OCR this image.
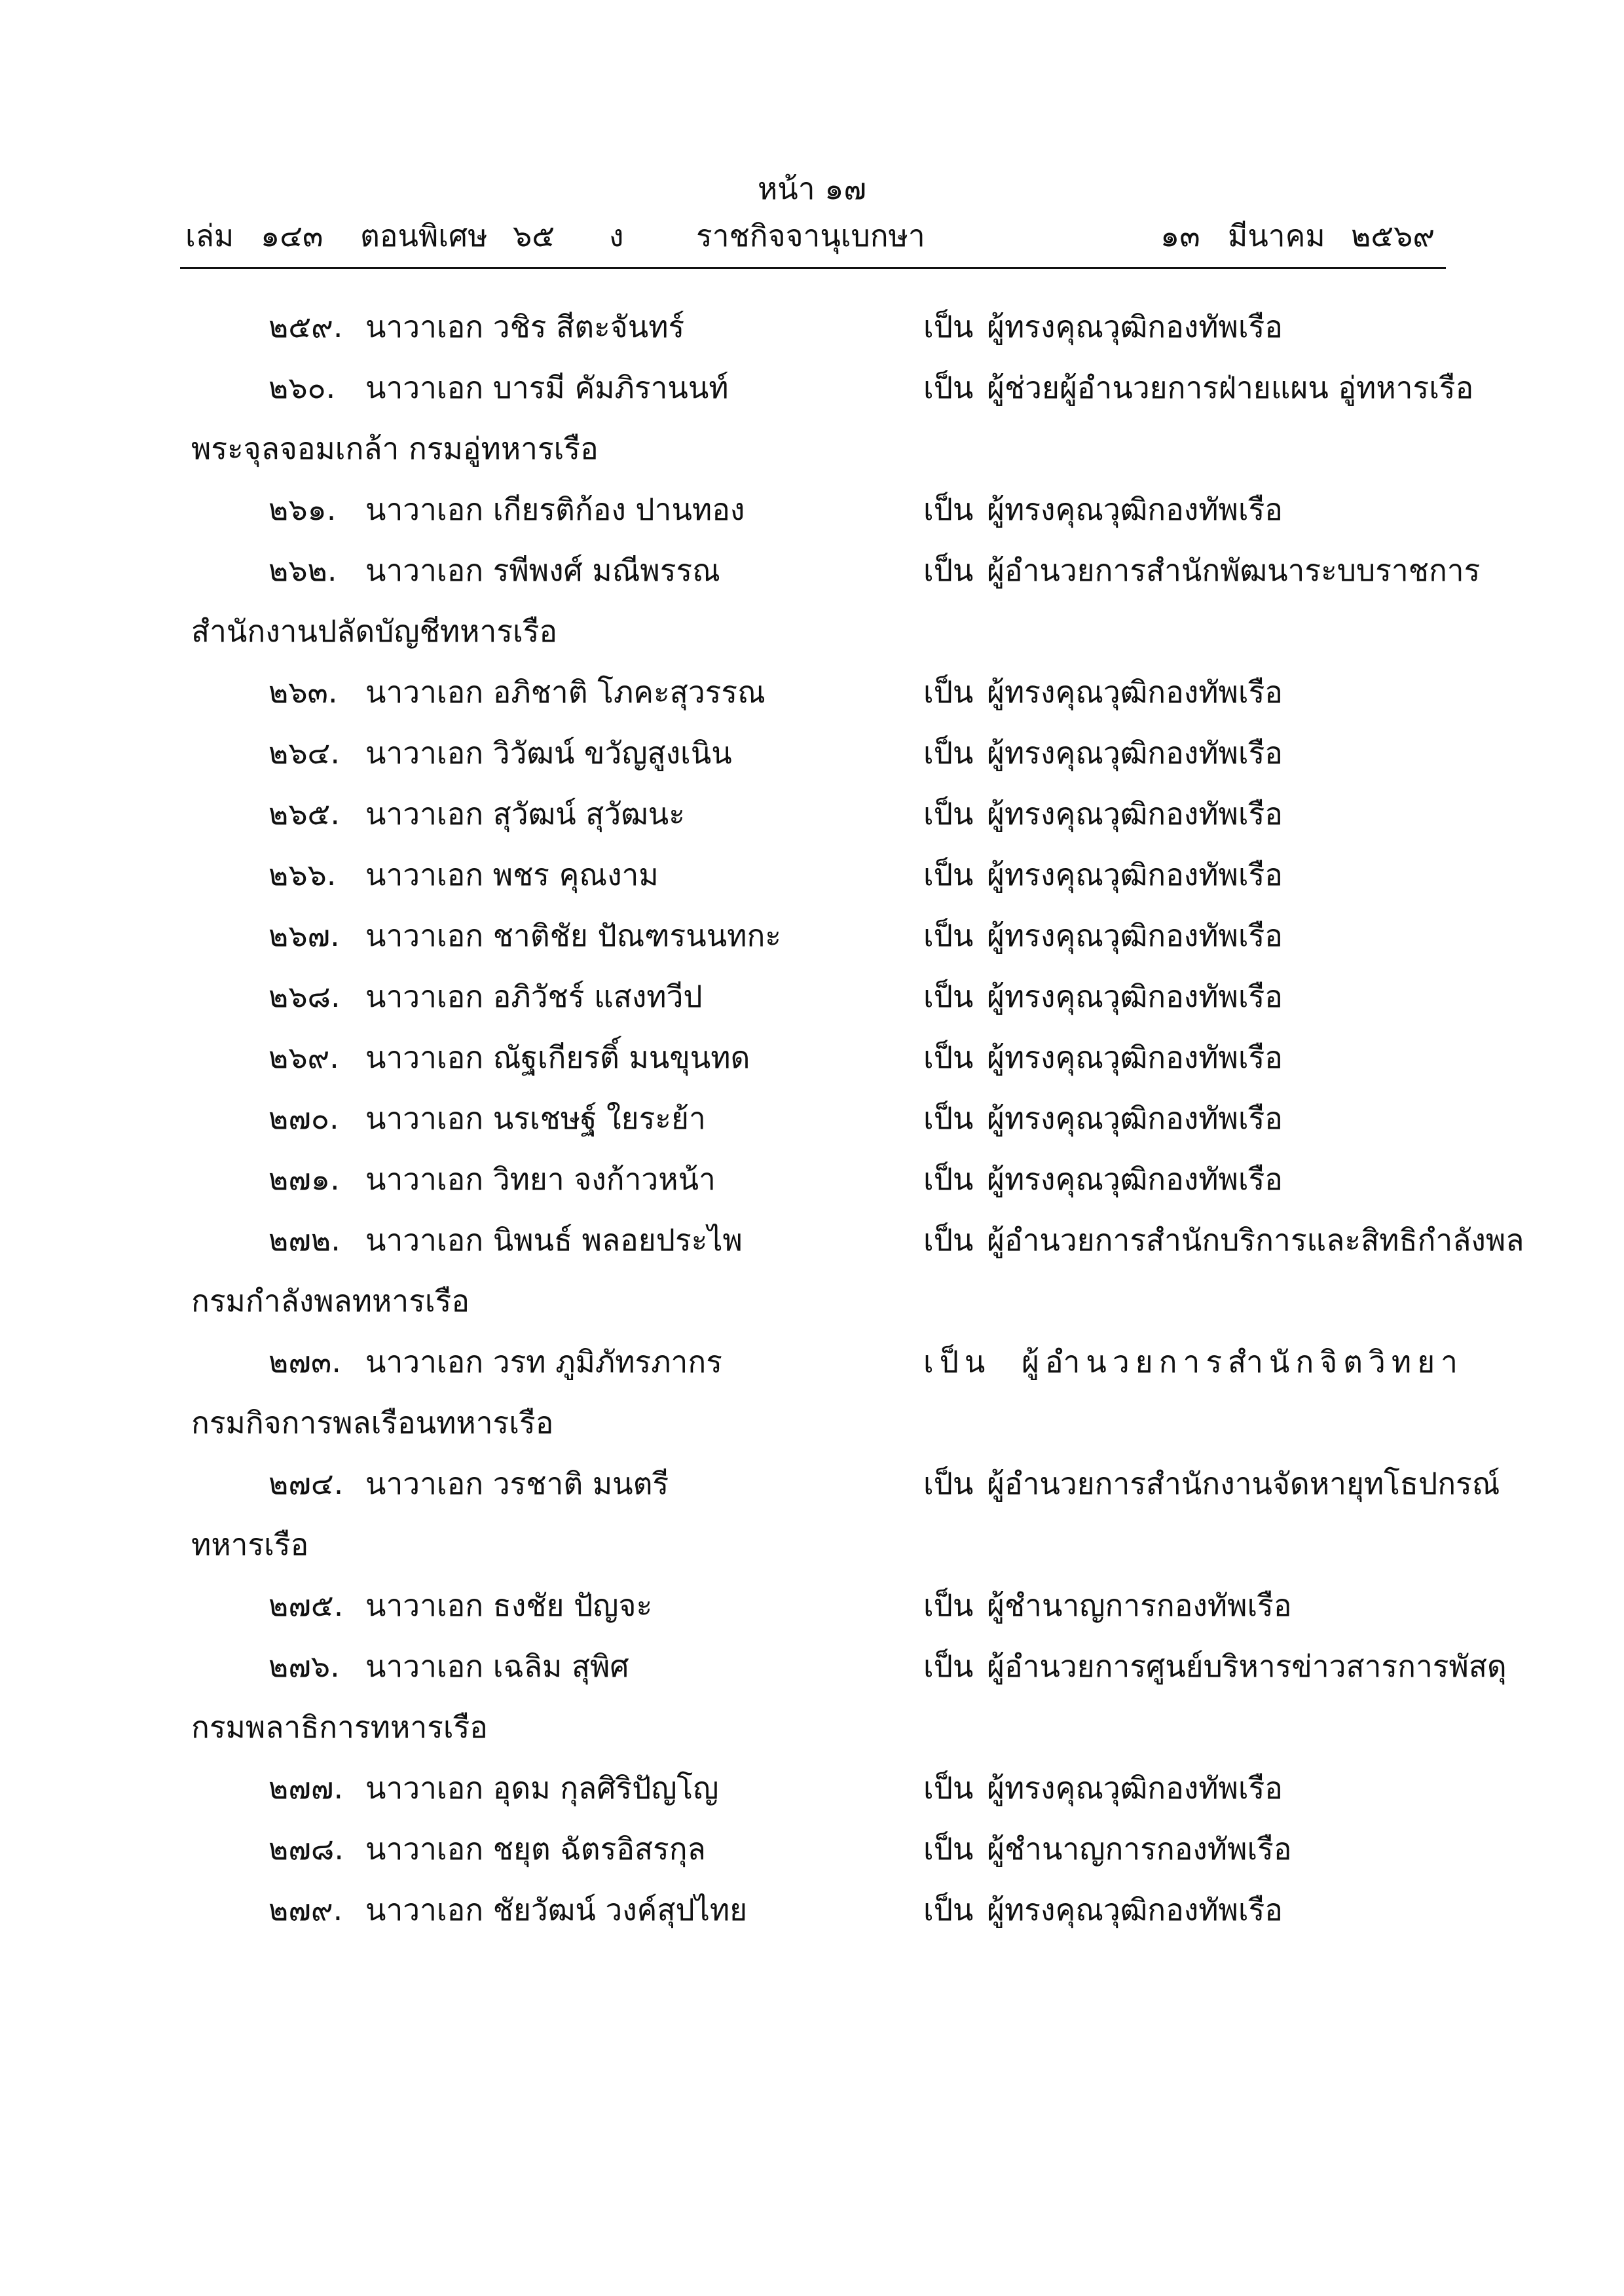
หน้า ๑๗
เล่ม ๑๔๓ ตอนพิเศษ ๖๕ ง ราชกิจจานุเบกษา	๑๓ มีนาคม ๒๕๖๙
๒๕๙. นาวาเอก วชิร สีตะจันทร์	เป็น ผู้ทรงคุณวุฒิกองทัพเรือ
๒๖๐. นาวาเอก บารมี คัมภิรานนท์	เป็น ผู้ช่วยผู้อำนวยการฝ่ายแผน อู่ทหารเรือ
พระจุลจอมเกล้า กรมอู่ทหารเรือ
๒๖๑. นาวาเอก เกียรติก้อง ปานทอง	เป็น ผู้ทรงคุณวุฒิกองทัพเรือ
๒๖๒. นาวาเอก รพีพงศ์ มณีพรรณ	เป็น ผู้อำนวยการสำนักพัฒนาระบบราชการ
สำนักงานปลัดบัญชีทหารเรือ
๒๖๓. นาวาเอก อภิชาติ โภคะสุวรรณ	เป็น ผู้ทรงคุณวุฒิกองทัพเรือ
๒๖๔. นาวาเอก วิวัฒน์ ขวัญสูงเนิน	เป็น ผู้ทรงคุณวุฒิกองทัพเรือ
๒๖๕. นาวาเอก สุวัฒน์ สุวัฒนะ	เป็น ผู้ทรงคุณวุฒิกองทัพเรือ
๒๖๖. นาวาเอก พชร คุณงาม	เป็น ผู้ทรงคุณวุฒิกองทัพเรือ
๒๖๗. นาวาเอก ชาติชัย ปัณฑรนนทกะ	เป็น ผู้ทรงคุณวุฒิกองทัพเรือ
๒๖๘. นาวาเอก อภิวัชร์ แสงทวีป	เป็น ผู้ทรงคุณวุฒิกองทัพเรือ
๒๖๙. นาวาเอก ณัฐเกียรติ์ มนขุนทด	เป็น ผู้ทรงคุณวุฒิกองทัพเรือ
๒๗๐. นาวาเอก นรเชษฐ์ ใยระย้า	เป็น ผู้ทรงคุณวุฒิกองทัพเรือ
๒๗๑. นาวาเอก วิทยา จงก้าวหน้า	เป็น ผู้ทรงคุณวุฒิกองทัพเรือ
๒๗๒. นาวาเอก นิพนธ์ พลอยประไพ	เป็น ผู้อำนวยการสำนักบริการและสิทธิกำลังพล
กรมกำลังพลทหารเรือ
๒๗๓. นาวาเอก วรท ภูมิภัทรภากร	เป็น ผู้อำนวยการสำนักจิตวิทยา
กรมกิจการพลเรือนทหารเรือ
๒๗๔. นาวาเอก วรชาติ มนตรี	เป็น ผู้อำนวยการสำนักงานจัดหายุทโธปกรณ์
ทหารเรือ
๒๗๕. นาวาเอก ธงชัย ปัญจะ	เป็น ผู้ชำนาญการกองทัพเรือ
๒๗๖. นาวาเอก เฉลิม สุพิศ	เป็น ผู้อำนวยการศูนย์บริหารข่าวสารการพัสดุ
กรมพลาธิการทหารเรือ
๒๗๗. นาวาเอก อุดม กุลศิริปัญโญ	เป็น ผู้ทรงคุณวุฒิกองทัพเรือ
๒๗๘. นาวาเอก ชยุต ฉัตรอิสรกุล	เป็น ผู้ชำนาญการกองทัพเรือ
๒๗๙. นาวาเอก ชัยวัฒน์ วงค์สุปไทย	เป็น ผู้ทรงคุณวุฒิกองทัพเรือ
